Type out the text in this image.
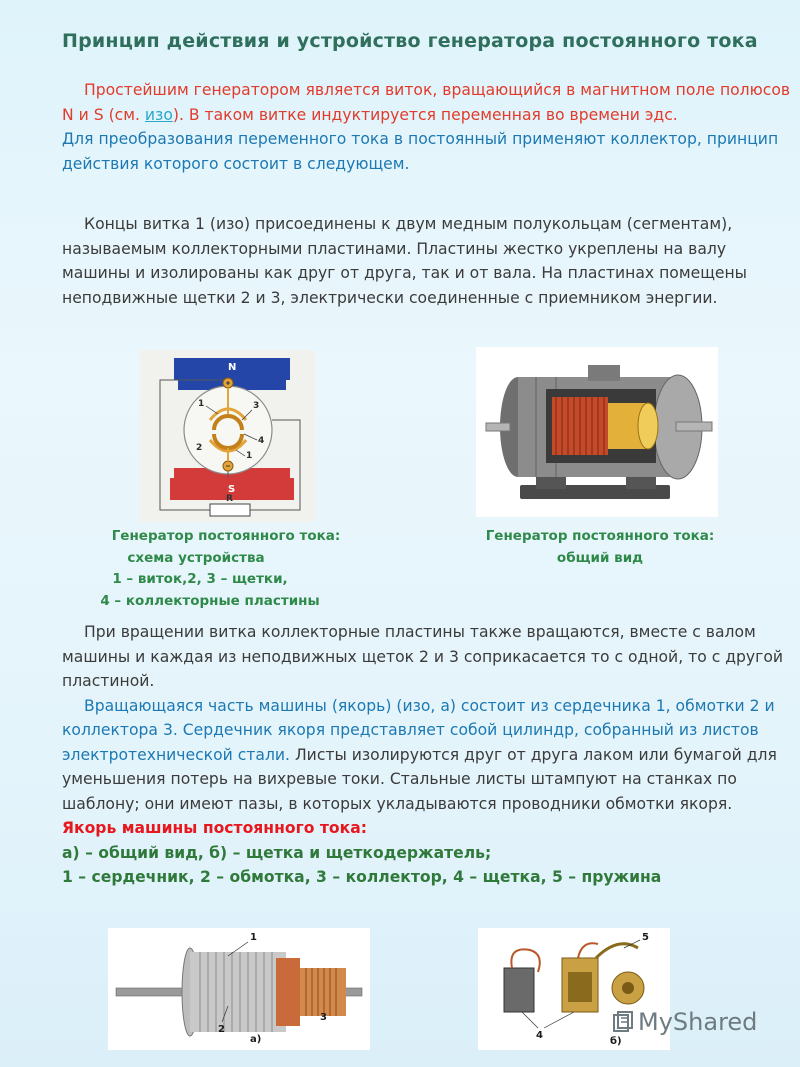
Принцип действия и устройство генератора постоянного тока

Простейшим генератором является виток, вращающийся в магнитном поле полюсов N и S (см. изо). В таком витке индуктируется переменная во времени эдс.
Для преобразования переменного тока в постоянный применяют коллектор, принцип действия которого состоит в следующем.

Концы витка 1 (изо) присоединены к двум медным полукольцам (сегментам), называемым коллекторными пластинами. Пластины жестко укреплены на валу машины и изолированы как друг от друга, так и от вала. На пластинах помещены неподвижные щетки 2 и 3, электрически соединенные с приемником энергии.

N
S
R
1	3
4
2
1
Генератор постоянного тока:
схема устройства
1 – виток,2, 3 – щетки,
4 – коллекторные пластины
Генератор постоянного тока:
общий вид

При вращении витка коллекторные пластины также вращаются, вместе с валом машины и каждая из неподвижных щеток 2 и 3 соприкасается то с одной, то с другой пластиной.
Вращающаяся часть машины (якорь) (изо, а) состоит из сердечника 1, обмотки 2 и коллектора 3. Сердечник якоря представляет собой цилиндр, собранный из листов электротехнической стали. Листы изолируются друг от друга лаком или бумагой для уменьшения потерь на вихревые токи. Стальные листы штампуют на станках по шаблону; они имеют пазы, в которых укладываются проводники обмотки якоря.
Якорь машины постоянного тока:
а) – общий вид, б) – щетка и щеткодержатель;
1 – сердечник, 2 – обмотка, 3 – коллектор, 4 – щетка, 5 – пружина

1
2
3
а)
5
4
б)
MyShared
